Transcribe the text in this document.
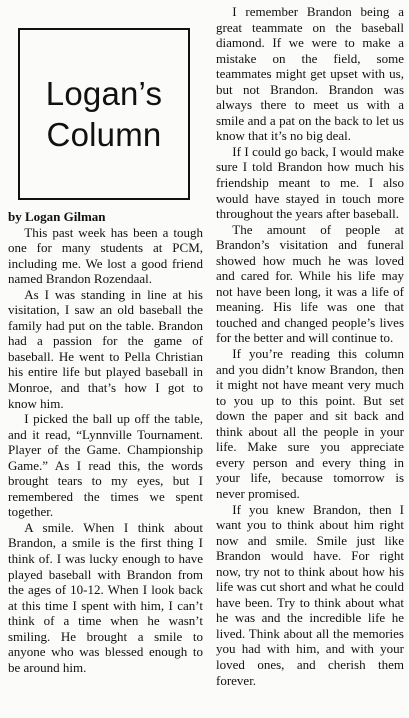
Logan’s
Column
by Logan Gilman

This past week has been a tough one for many students at PCM, including me. We lost a good friend named Brandon Rozendaal.

As I was standing in line at his visitation, I saw an old baseball the family had put on the table. Brandon had a passion for the game of baseball. He went to Pella Christian his entire life but played baseball in Monroe, and that’s how I got to know him.

I picked the ball up off the table, and it read, “Lynnville Tournament. Player of the Game. Championship Game.” As I read this, the words brought tears to my eyes, but I remembered the times we spent together.

A smile. When I think about Brandon, a smile is the first thing I think of. I was lucky enough to have played baseball with Brandon from the ages of 10-12. When I look back at this time I spent with him, I can’t think of a time when he wasn’t smiling. He brought a smile to anyone who was blessed enough to be around him.

I remember Brandon being a great teammate on the baseball diamond. If we were to make a mistake on the field, some teammates might get upset with us, but not Brandon. Brandon was always there to meet us with a smile and a pat on the back to let us know that it’s no big deal.

If I could go back, I would make sure I told Brandon how much his friendship meant to me. I also would have stayed in touch more throughout the years after baseball.

The amount of people at Brandon’s visitation and funeral showed how much he was loved and cared for. While his life may not have been long, it was a life of meaning. His life was one that touched and changed people’s lives for the better and will continue to.

If you’re reading this column and you didn’t know Brandon, then it might not have meant very much to you up to this point. But set down the paper and sit back and think about all the people in your life. Make sure you appreciate every person and every thing in your life, because tomorrow is never promised.

If you knew Brandon, then I want you to think about him right now and smile. Smile just like Brandon would have. For right now, try not to think about how his life was cut short and what he could have been. Try to think about what he was and the incredible life he lived. Think about all the memories you had with him, and with your loved ones, and cherish them forever.
